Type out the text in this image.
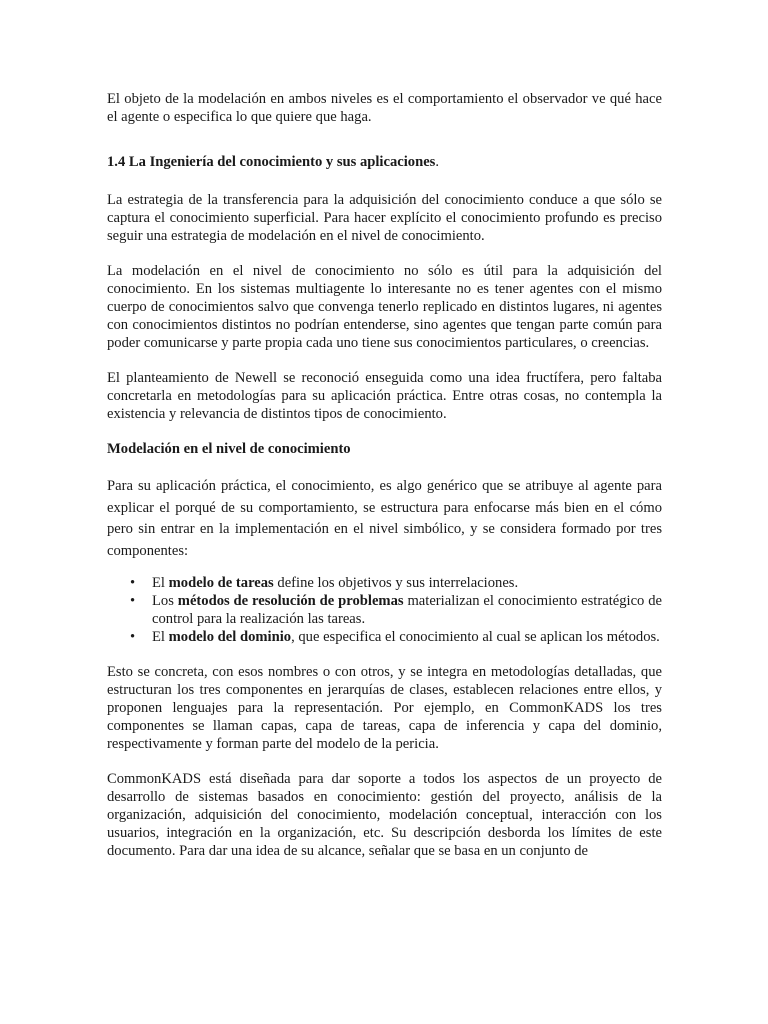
El objeto de la modelación en ambos niveles es el comportamiento el observador ve qué hace el agente o especifica lo que quiere que haga.

1.4 La Ingeniería del conocimiento y sus aplicaciones.

La estrategia de la transferencia para la adquisición del conocimiento conduce a que sólo se captura el conocimiento superficial. Para hacer explícito el conocimiento profundo es preciso seguir una estrategia de modelación en el nivel de conocimiento.

La modelación en el nivel de conocimiento no sólo es útil para la adquisición del conocimiento. En los sistemas multiagente lo interesante no es tener agentes con el mismo cuerpo de conocimientos salvo que convenga tenerlo replicado en distintos lugares, ni agentes con conocimientos distintos no podrían entenderse, sino agentes que tengan parte común para poder comunicarse y parte propia cada uno tiene sus conocimientos particulares, o creencias.

El planteamiento de Newell se reconoció enseguida como una idea fructífera, pero faltaba concretarla en metodologías para su aplicación práctica. Entre otras cosas, no contempla la existencia y relevancia de distintos tipos de conocimiento.

Modelación en el nivel de conocimiento

Para su aplicación práctica, el conocimiento, es algo genérico que se atribuye al agente para explicar el porqué de su comportamiento, se estructura para enfocarse más bien en el cómo pero sin entrar en la implementación en el nivel simbólico, y se considera formado por tres componentes:

• El modelo de tareas define los objetivos y sus interrelaciones.
• Los métodos de resolución de problemas materializan el conocimiento estratégico de control para la realización las tareas.
• El modelo del dominio, que especifica el conocimiento al cual se aplican los métodos.

Esto se concreta, con esos nombres o con otros, y se integra en metodologías detalladas, que estructuran los tres componentes en jerarquías de clases, establecen relaciones entre ellos, y proponen lenguajes para la representación. Por ejemplo, en CommonKADS los tres componentes se llaman capas, capa de tareas, capa de inferencia y capa del dominio, respectivamente y forman parte del modelo de la pericia.

CommonKADS está diseñada para dar soporte a todos los aspectos de un proyecto de desarrollo de sistemas basados en conocimiento: gestión del proyecto, análisis de la organización, adquisición del conocimiento, modelación conceptual, interacción con los usuarios, integración en la organización, etc. Su descripción desborda los límites de este documento. Para dar una idea de su alcance, señalar que se basa en un conjunto de
